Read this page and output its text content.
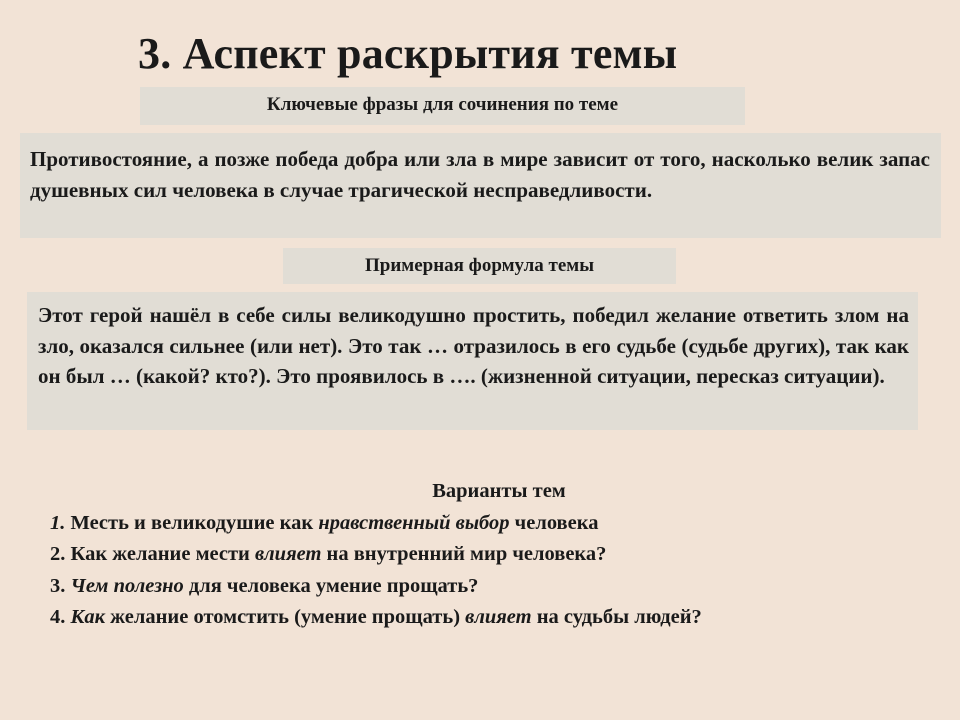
3. Аспект раскрытия темы
Ключевые фразы для сочинения по теме
Противостояние, а позже победа добра или зла в мире зависит от того, насколько велик запас душевных сил человека в случае трагической несправедливости.
Примерная формула темы
Этот герой нашёл в себе силы великодушно простить, победил желание ответить злом на зло, оказался сильнее (или нет). Это так … отразилось в его судьбе (судьбе других), так как он был … (какой? кто?). Это проявилось в …. (жизненной ситуации, пересказ ситуации).
Варианты тем
1. Месть и великодушие как нравственный выбор человека
2. Как желание мести влияет на внутренний мир человека?
3. Чем полезно для человека умение прощать?
4. Как желание отомстить (умение прощать) влияет на судьбы людей?
